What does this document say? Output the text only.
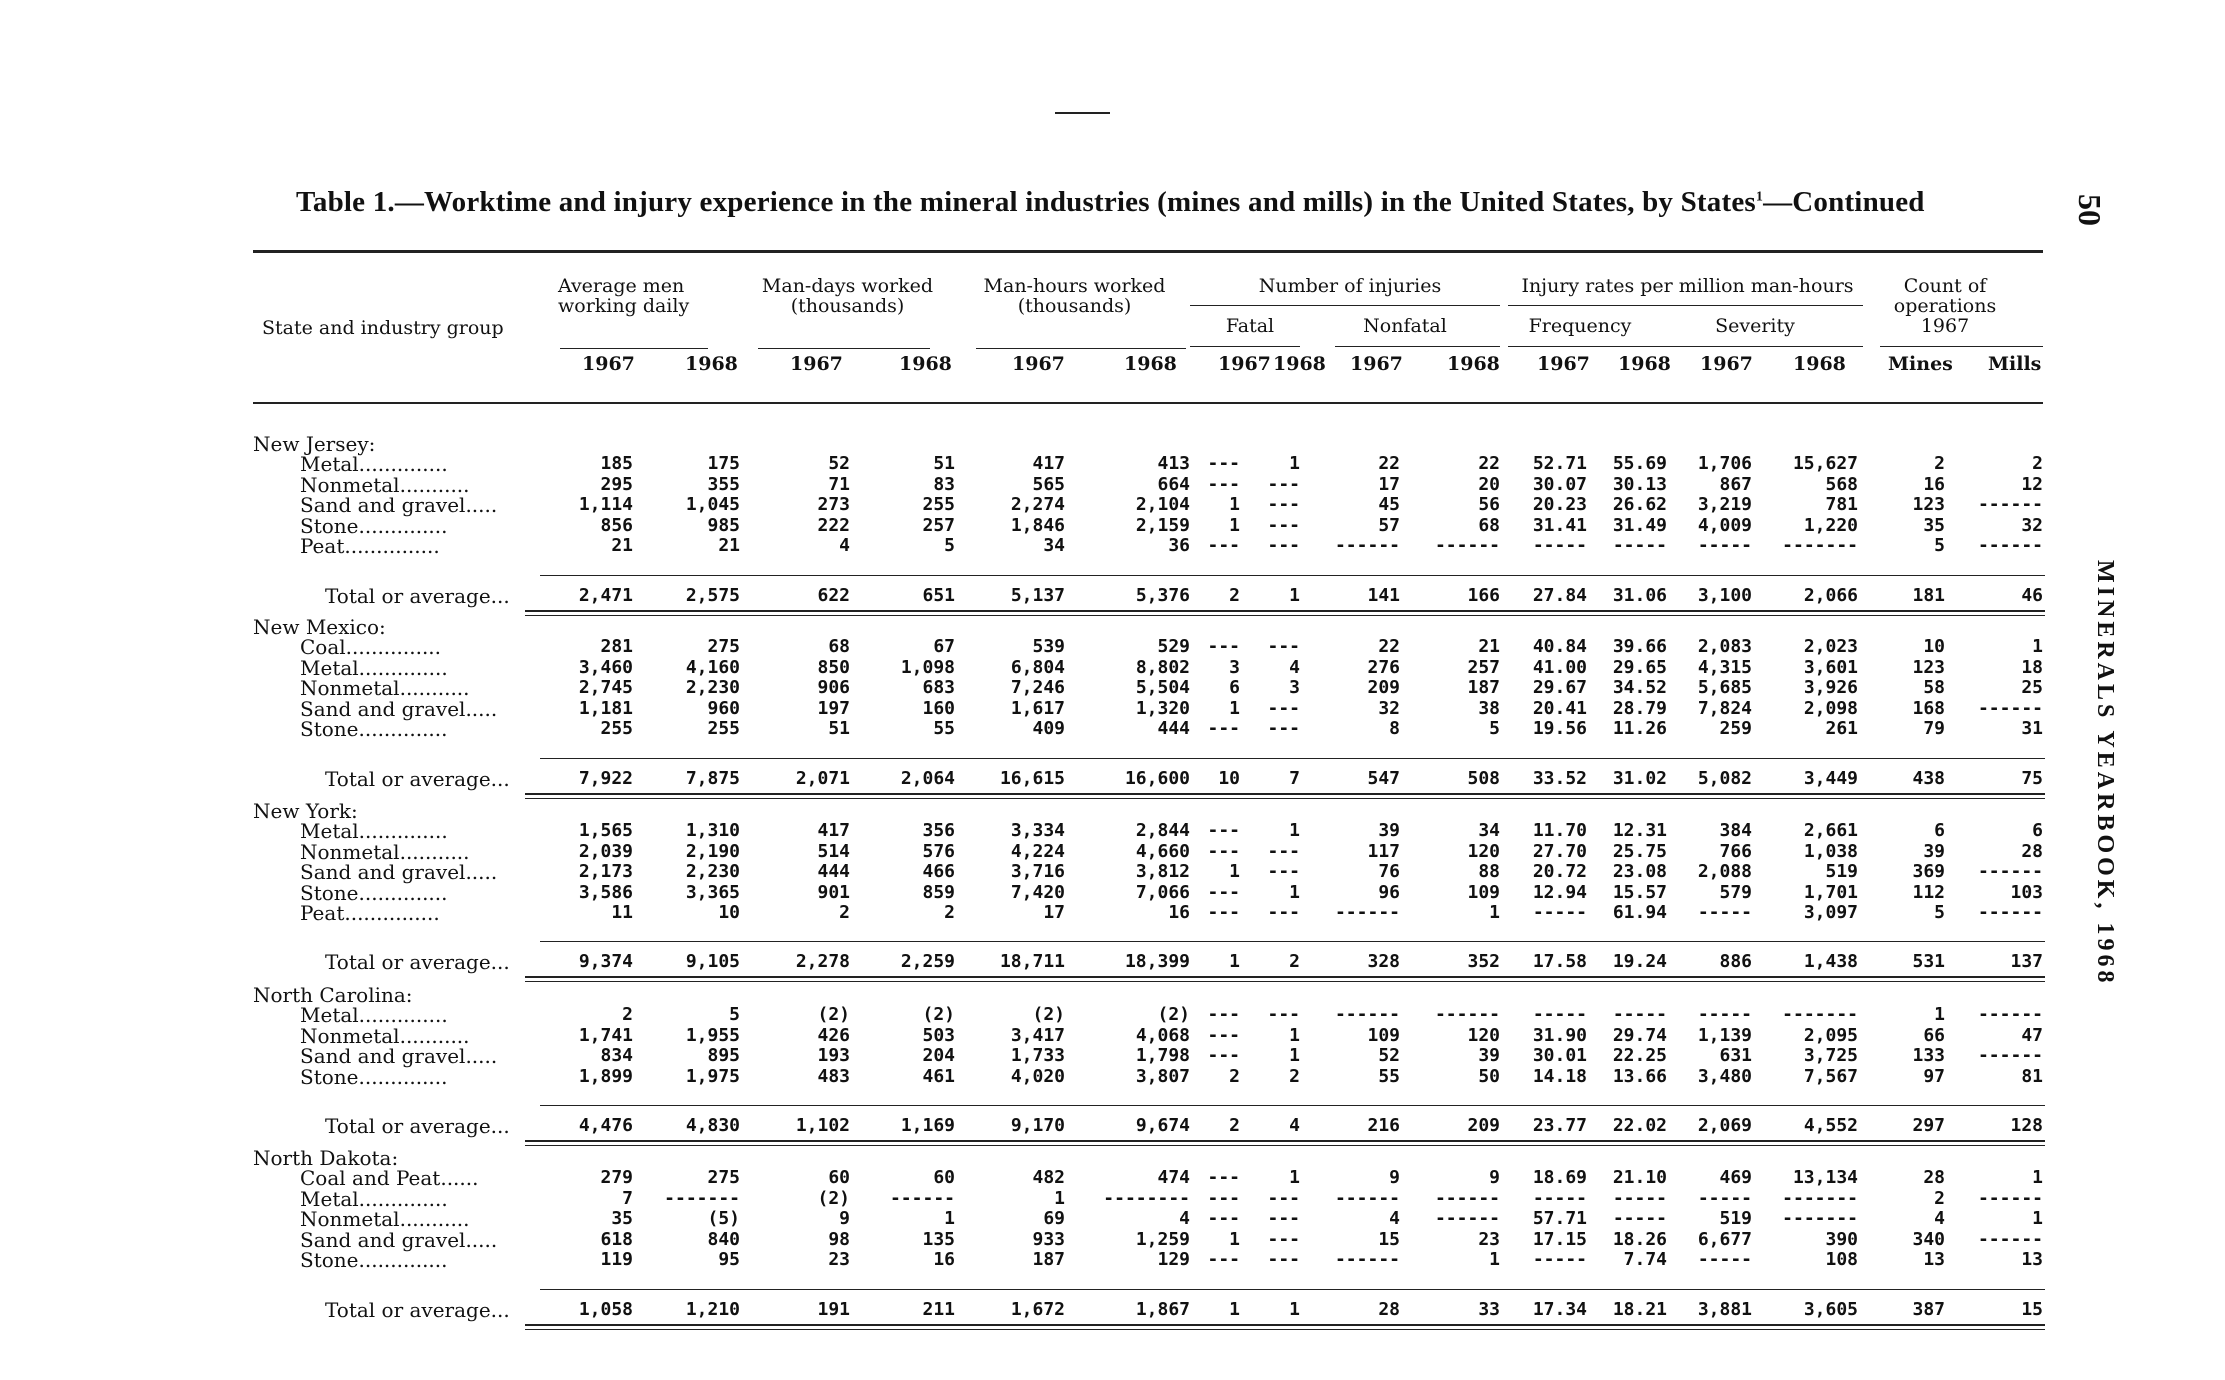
Table 1.—Worktime and injury experience in the mineral industries (mines and mills) in the United States, by States$^1$—Continued	50
MINERALS YEARBOOK, 1968
State and industry group
Average men working daily
Man-days worked (thousands)
Man-hours worked (thousands)
Number of injuries
Fatal	Nonfatal
Injury rates per million man-hours
Frequency	Severity
Count of operations 1967
1967	1968	1967	1968	1967	1968 1967 1968 1967 1968 1967 1968 1967 1968 Mines Mills
New Jersey:
Metal..............	185	175	52	51	417	413 ---	1	22	22	52.71	55.69	1,706	15,627	2	2
Nonmetal...........	295	355	71	83	565	664 ---	---	17	20	30.07	30.13	867	568	16	12
Sand and gravel.....	1,114	1,045	273	255	2,274	2,104	1	---	45	56	20.23	26.62	3,219	781	123	------
Stone..............	856	985	222	257	1,846	2,159	1	---	57	68	31.41	31.49	4,009	1,220	35	32
Peat...............	21	21	4	5	34	36 ---	---	------	------	-----	-----	-----	-------	5	------
Total or average...	2,471	2,575	622	651	5,137	5,376	2	1	141	166	27.84	31.06	3,100	2,066	181	46
New Mexico:
Coal...............	281	275	68	67	539	529 ---	---	22	21	40.84	39.66	2,083	2,023	10	1
Metal..............	3,460	4,160	850	1,098	6,804	8,802	3	4	276	257	41.00	29.65	4,315	3,601	123	18
Nonmetal...........	2,745	2,230	906	683	7,246	5,504	6	3	209	187	29.67	34.52	5,685	3,926	58	25
Sand and gravel.....	1,181	960	197	160	1,617	1,320	1	---	32	38	20.41	28.79	7,824	2,098	168	------
Stone..............	255	255	51	55	409	444 ---	---	8	5	19.56	11.26	259	261	79	31
Total or average...	7,922	7,875	2,071	2,064	16,615	16,600	10	7	547	508	33.52	31.02	5,082	3,449	438	75
New York:
Metal..............	1,565	1,310	417	356	3,334	2,844 ---	1	39	34	11.70	12.31	384	2,661	6	6
Nonmetal...........	2,039	2,190	514	576	4,224	4,660 ---	---	117	120	27.70	25.75	766	1,038	39	28
Sand and gravel.....	2,173	2,230	444	466	3,716	3,812	1	---	76	88	20.72	23.08	2,088	519	369	------
Stone..............	3,586	3,365	901	859	7,420	7,066 ---	1	96	109	12.94	15.57	579	1,701	112	103
Peat...............	11	10	2	2	17	16 ---	---	------	1	-----	61.94	-----	3,097	5	------
Total or average...	9,374	9,105	2,278	2,259	18,711	18,399	1	2	328	352	17.58	19.24	886	1,438	531	137
North Carolina:
Metal..............	2	5	(2)	(2)	(2)	(2) ---	---	------	------	-----	-----	-----	-------	1	------
Nonmetal...........	1,741	1,955	426	503	3,417	4,068 ---	1	109	120	31.90	29.74	1,139	2,095	66	47
Sand and gravel.....	834	895	193	204	1,733	1,798 ---	1	52	39	30.01	22.25	631	3,725	133	------
Stone..............	1,899	1,975	483	461	4,020	3,807	2	2	55	50	14.18	13.66	3,480	7,567	97	81
Total or average...	4,476	4,830	1,102	1,169	9,170	9,674	2	4	216	209	23.77	22.02	2,069	4,552	297	128
North Dakota:
Coal and Peat......	279	275	60	60	482	474 ---	1	9	9	18.69	21.10	469	13,134	28	1
Metal..............	7	-------	(2)	------	1	-------- ---	---	------	------	-----	-----	-----	-------	2	------
Nonmetal...........	35	(5)	9	1	69	4 ---	---	4	------	57.71	-----	519	-------	4	1
Sand and gravel.....	618	840	98	135	933	1,259	1	---	15	23	17.15	18.26	6,677	390	340	------
Stone..............	119	95	23	16	187	129 ---	---	------	1	-----	7.74	-----	108	13	13
Total or average...	1,058	1,210	191	211	1,672	1,867	1	1	28	33	17.34	18.21	3,881	3,605	387	15
